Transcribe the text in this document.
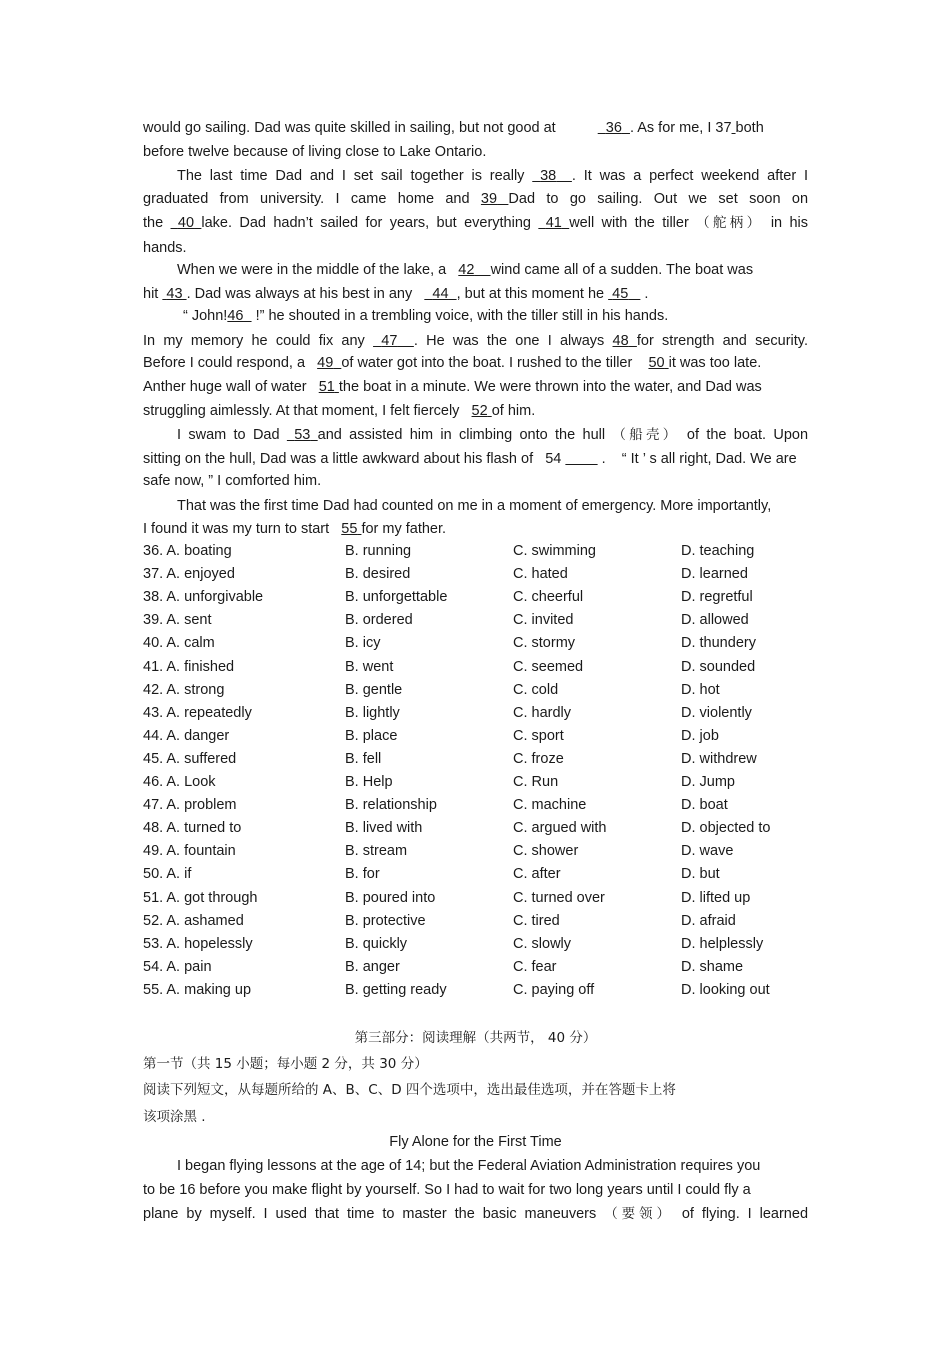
would go sailing. Dad was quite skilled in sailing, but not good at	36 . As for me, I 37 both
before twelve because of living close to Lake Ontario.
The last time Dad and I set sail together is really 38 . It was a perfect weekend after I
graduated from university. I came home and 39 Dad to go sailing. Out we set soon on
the 40 lake. Dad hadn’t sailed for years, but everything 41 well with the tiller （舵柄） in his
hands.
When we were in the middle of the lake, a 42 wind came all of a sudden. The boat was
hit 43 . Dad was always at his best in any 44 , but at this moment he 45 .
“ John!46 !” he shouted in a trembling voice, with the tiller still in his hands.
In my memory he could fix any 47 . He was the one I always 48 for strength and security.
Before I could respond, a 49 of water got into the boat. I rushed to the tiller 50 it was too late.
Anther huge wall of water 51 the boat in a minute. We were thrown into the water, and Dad was
struggling aimlessly. At that moment, I felt fiercely 52 of him.
I swam to Dad 53 and assisted him in climbing onto the hull （船壳） of the boat. Upon
sitting on the hull, Dad was a little awkward about his flash of 54	. “ It ’ s all right, Dad. We are
safe now, ” I comforted him.
That was the first time Dad had counted on me in a moment of emergency. More importantly,
I found it was my turn to start 55 for my father.
36. A. boating	B. running	C. swimming	D. teaching
37. A. enjoyed	B. desired	C. hated	D. learned
38. A. unforgivable	B. unforgettable	C. cheerful	D. regretful
39. A. sent	B. ordered	C. invited	D. allowed
40. A. calm	B. icy	C. stormy	D. thundery
41. A. finished	B. went	C. seemed	D. sounded
42. A. strong	B. gentle	C. cold	D. hot
43. A. repeatedly	B. lightly	C. hardly	D. violently
44. A. danger	B. place	C. sport	D. job
45. A. suffered	B. fell	C. froze	D. withdrew
46. A. Look	B. Help	C. Run	D. Jump
47. A. problem	B. relationship	C. machine	D. boat
48. A. turned to	B. lived with	C. argued with	D. objected to
49. A. fountain	B. stream	C. shower	D. wave
50. A. if	B. for	C. after	D. but
51. A. got through	B. poured into	C. turned over	D. lifted up
52. A. ashamed	B. protective	C. tired	D. afraid
53. A. hopelessly	B. quickly	C. slowly	D. helplessly
54. A. pain	B. anger	C. fear	D. shame
55. A. making up	B. getting ready	C. paying off	D. looking out
第三部分：阅读理解（共两节， 40 分）
第一节（共 15 小题；每小题 2 分，共 30 分）
阅读下列短文，从每题所给的 A、B、C、D 四个选项中，选出最佳选项，并在答题卡上将
该项涂黑 .
Fly Alone for the First Time
I began flying lessons at the age of 14; but the Federal Aviation Administration requires you
to be 16 before you make flight by yourself. So I had to wait for two long years until I could fly a
plane by myself. I used that time to master the basic maneuvers （要领） of flying. I learned
